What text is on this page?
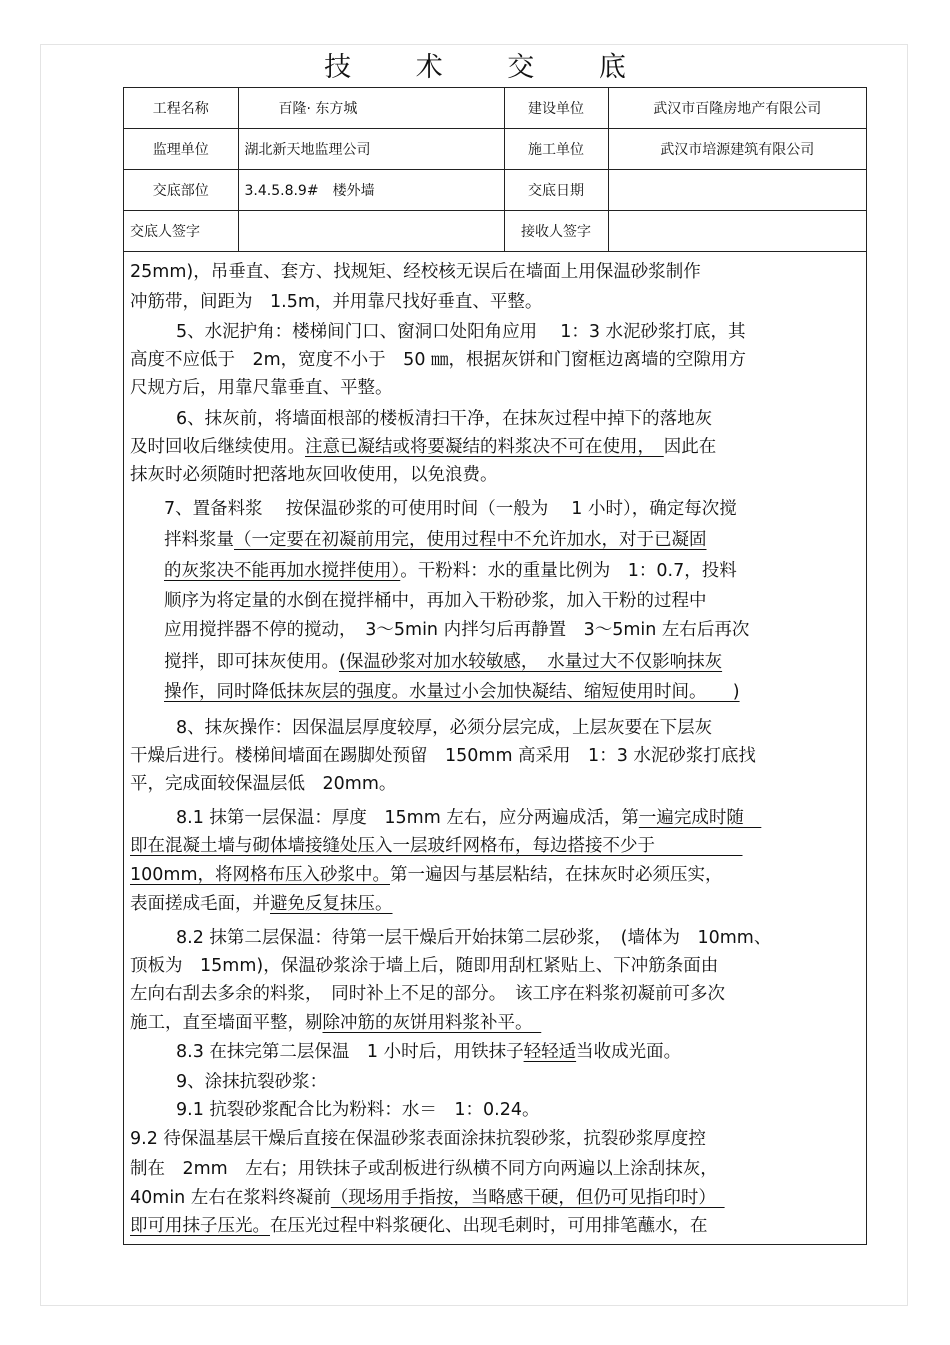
技 术 交 底
工程名称	百隆· 东方城	建设单位	武汉市百隆房地产有限公司
监理单位	湖北新天地监理公司	施工单位	武汉市培源建筑有限公司
交底部位	3.4.5.8.9#　楼外墙	交底日期	
交底人签字		接收人签字	
25mm)，吊垂直、套方、找规矩、经校核无误后在墙面上用保温砂浆制作
冲筋带，间距为　1.5m，并用靠尺找好垂直、平整。
5、水泥护角：楼梯间门口、窗洞口处阳角应用　 1：3 水泥砂浆打底，其
高度不应低于　2m，宽度不小于　50 ㎜，根据灰饼和门窗框边离墙的空隙用方
尺规方后，用靠尺靠垂直、平整。
6、抹灰前，将墙面根部的楼板清扫干净，在抹灰过程中掉下的落地灰
及时回收后继续使用。注意已凝结或将要凝结的料浆决不可在使用，　因此在
抹灰时必须随时把落地灰回收使用，以免浪费。
7、置备料浆　 按保温砂浆的可使用时间（一般为　 1 小时），确定每次搅
拌料浆量（一定要在初凝前用完，使用过程中不允许加水，对于已凝固
的灰浆决不能再加水搅拌使用）。干粉料：水的重量比例为　1：0.7，投料
顺序为将定量的水倒在搅拌桶中，再加入干粉砂浆，加入干粉的过程中
应用搅拌器不停的搅动，　3～5min 内拌匀后再静置　3～5min 左右后再次
搅拌，即可抹灰使用。(保温砂浆对加水较敏感，　水量过大不仅影响抹灰
操作，同时降低抹灰层的强度。水量过小会加快凝结、缩短使用时间。　　)
8、抹灰操作：因保温层厚度较厚，必须分层完成，上层灰要在下层灰
干燥后进行。楼梯间墙面在踢脚处预留　150mm 高采用　1：3 水泥砂浆打底找
平，完成面较保温层低　20mm。
8.1 抹第一层保温：厚度　15mm 左右，应分两遍成活，第一遍完成时随　
即在混凝土墙与砌体墙接缝处压入一层玻纤网格布，每边搭接不少于　　　　　
100mm，将网格布压入砂浆中。第一遍因与基层粘结，在抹灰时必须压实，
表面搓成毛面，并避免反复抹压。
8.2 抹第二层保温：待第一层干燥后开始抹第二层砂浆，　(墙体为　10mm、
顶板为　15mm)，保温砂浆涂于墙上后，随即用刮杠紧贴上、下冲筋条面由
左向右刮去多余的料浆，　同时补上不足的部分。　该工序在料浆初凝前可多次
施工，直至墙面平整，剔除冲筋的灰饼用料浆补平。　
8.3 在抹完第二层保温　1 小时后，用铁抹子轻轻适当收成光面。
9、涂抹抗裂砂浆：
9.1 抗裂砂浆配合比为粉料：水＝　1：0.24。
9.2 待保温基层干燥后直接在保温砂浆表面涂抹抗裂砂浆，抗裂砂浆厚度控
制在　2mm　左右；用铁抹子或刮板进行纵横不同方向两遍以上涂刮抹灰，
40min 左右在浆料终凝前（现场用手指按，当略感干硬，但仍可见指印时）　
即可用抹子压光。在压光过程中料浆硬化、出现毛刺时，可用排笔蘸水，在
